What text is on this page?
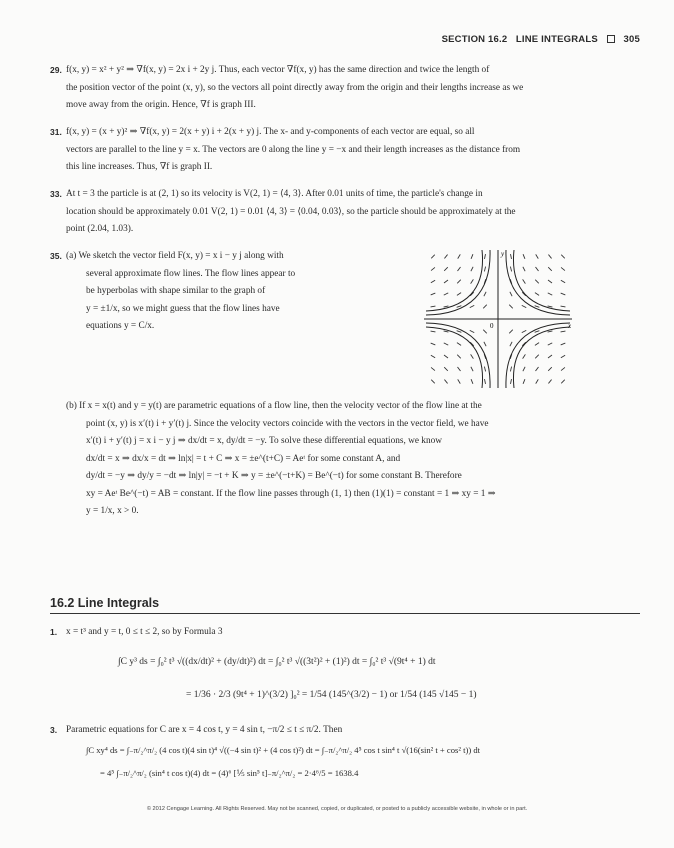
SECTION 16.2 LINE INTEGRALS	305
29. f(x, y) = x² + y² ⇒ ∇f(x, y) = 2x i + 2y j. Thus, each vector ∇f(x, y) has the same direction and twice the length of
the position vector of the point (x, y), so the vectors all point directly away from the origin and their lengths increase as we
move away from the origin. Hence, ∇f is graph III.
31. f(x, y) = (x + y)² ⇒ ∇f(x, y) = 2(x + y) i + 2(x + y) j. The x- and y-components of each vector are equal, so all
vectors are parallel to the line y = x. The vectors are 0 along the line y = −x and their length increases as the distance from
this line increases. Thus, ∇f is graph II.
33. At t = 3 the particle is at (2, 1) so its velocity is V(2, 1) = ⟨4, 3⟩. After 0.01 units of time, the particle's change in
location should be approximately 0.01 V(2, 1) = 0.01 ⟨4, 3⟩ = ⟨0.04, 0.03⟩, so the particle should be approximately at the
point (2.04, 1.03).
35. (a) We sketch the vector field F(x, y) = x i − y j along with
several approximate flow lines. The flow lines appear to
be hyperbolas with shape similar to the graph of
y = ±1/x, so we might guess that the flow lines have
equations y = C/x.	x
y
0
(b) If x = x(t) and y = y(t) are parametric equations of a flow line, then the velocity vector of the flow line at the
point (x, y) is x′(t) i + y′(t) j. Since the velocity vectors coincide with the vectors in the vector field, we have
x′(t) i + y′(t) j = x i − y j ⇒ dx/dt = x, dy/dt = −y. To solve these differential equations, we know
dx/dt = x ⇒ dx/x = dt ⇒ ln|x| = t + C ⇒ x = ±e^(t+C) = Aeᵗ for some constant A, and
dy/dt = −y ⇒ dy/y = −dt ⇒ ln|y| = −t + K ⇒ y = ±e^(−t+K) = Be^(−t) for some constant B. Therefore
xy = Aeᵗ Be^(−t) = AB = constant. If the flow line passes through (1, 1) then (1)(1) = constant = 1 ⇒ xy = 1 ⇒
y = 1/x, x > 0.
16.2 Line Integrals
1. x = t³ and y = t, 0 ≤ t ≤ 2, so by Formula 3
∫C y³ ds = ∫₀² t³ √((dx/dt)² + (dy/dt)²) dt = ∫₀² t³ √((3t²)² + (1)²) dt = ∫₀² t³ √(9t⁴ + 1) dt
= 1/36 · 2/3 (9t⁴ + 1)^(3/2) ]₀² = 1/54 (145^(3/2) − 1) or 1/54 (145 √145 − 1)
3. Parametric equations for C are x = 4 cos t, y = 4 sin t, −π/2 ≤ t ≤ π/2. Then
∫C xy⁴ ds = ∫₋π/₂^π/₂ (4 cos t)(4 sin t)⁴ √((−4 sin t)² + (4 cos t)²) dt = ∫₋π/₂^π/₂ 4⁵ cos t sin⁴ t √(16(sin² t + cos² t)) dt
= 4⁵ ∫₋π/₂^π/₂ (sin⁴ t cos t)(4) dt = (4)⁶ [⅕ sin⁵ t]₋π/₂^π/₂ = 2·4⁶/5 = 1638.4
© 2012 Cengage Learning. All Rights Reserved. May not be scanned, copied, or duplicated, or posted to a publicly accessible website, in whole or in part.
